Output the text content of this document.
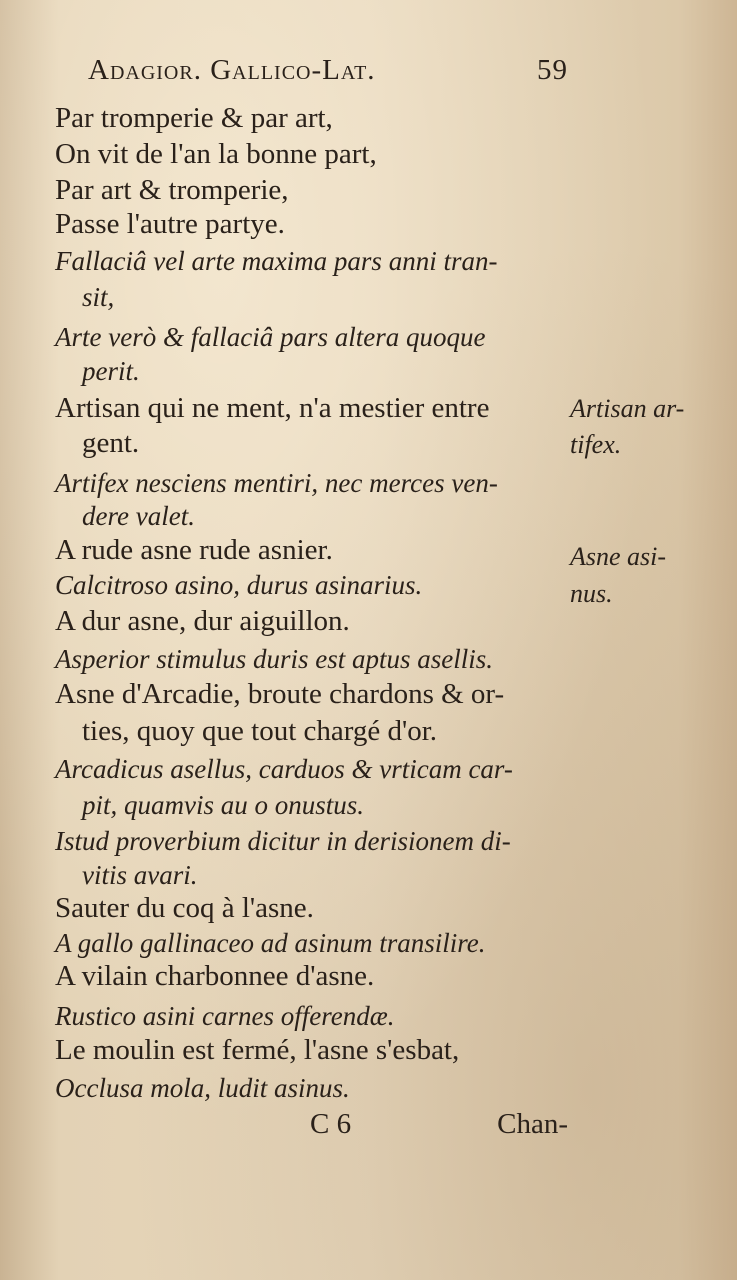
Adagior. Gallico-Lat.	59
Par tromperie & par art,
On vit de l'an la bonne part,
Par art & tromperie,
Passe l'autre partye.
Fallaciâ vel arte maxima pars anni tran-
sit,
Arte verò & fallaciâ pars altera quoque
perit.
Artisan qui ne ment, n'a mestier entre
gent.
Artifex nesciens mentiri, nec merces ven-
dere valet.
A rude asne rude asnier.
Calcitroso asino, durus asinarius.
A dur asne, dur aiguillon.
Asperior stimulus duris est aptus asellis.
Asne d'Arcadie, broute chardons & or-
ties, quoy que tout chargé d'or.
Arcadicus asellus, carduos & vrticam car-
pit, quamvis au o onustus.
Istud proverbium dicitur in derisionem di-
vitis avari.
Sauter du coq à l'asne.
A gallo gallinaceo ad asinum transilire.
A vilain charbonnee d'asne.
Rustico asini carnes offerendæ.
Le moulin est fermé, l'asne s'esbat,
Occlusa mola, ludit asinus.
Artisan ar-
tifex.
Asne asi-
nus.
C 6	Chan-
